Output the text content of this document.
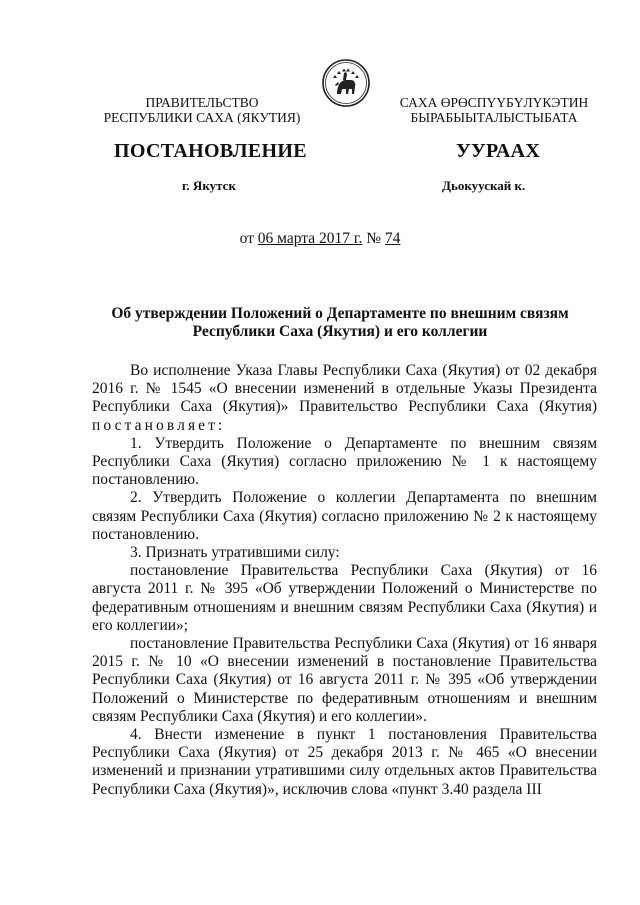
ПРАВИТЕЛЬСТВО
РЕСПУБЛИКИ САХА (ЯКУТИЯ)
САХА ӨРӨСПҮҮБҮЛҮКЭТИН
БЫРАБЫЫТАЛЫСТЫБАТА
ПОСТАНОВЛЕНИЕ	УУРААХ
г. Якутск	Дьокуускай к.
от 06 марта 2017 г. № 74
Об утверждении Положений о Департаменте по внешним связям
Республики Саха (Якутия) и его коллегии

Во исполнение Указа Главы Республики Саха (Якутия) от 02 декабря 2016 г. № 1545 «О внесении изменений в отдельные Указы Президента Республики Саха (Якутия)» Правительство Республики Саха (Якутия) постановляет:

1. Утвердить Положение о Департаменте по внешним связям Республики Саха (Якутия) согласно приложению № 1 к настоящему постановлению.

2. Утвердить Положение о коллегии Департамента по внешним связям Республики Саха (Якутия) согласно приложению № 2 к настоящему постановлению.

3. Признать утратившими силу:

постановление Правительства Республики Саха (Якутия) от 16 августа 2011 г. № 395 «Об утверждении Положений о Министерстве по федеративным отношениям и внешним связям Республики Саха (Якутия) и его коллегии»;

постановление Правительства Республики Саха (Якутия) от 16 января 2015 г. № 10 «О внесении изменений в постановление Правительства Республики Саха (Якутия) от 16 августа 2011 г. № 395 «Об утверждении Положений о Министерстве по федеративным отношениям и внешним связям Республики Саха (Якутия) и его коллегии».

4. Внести изменение в пункт 1 постановления Правительства Республики Саха (Якутия) от 25 декабря 2013 г. № 465 «О внесении изменений и признании утратившими силу отдельных актов Правительства Республики Саха (Якутия)», исключив слова «пункт 3.40 раздела III
